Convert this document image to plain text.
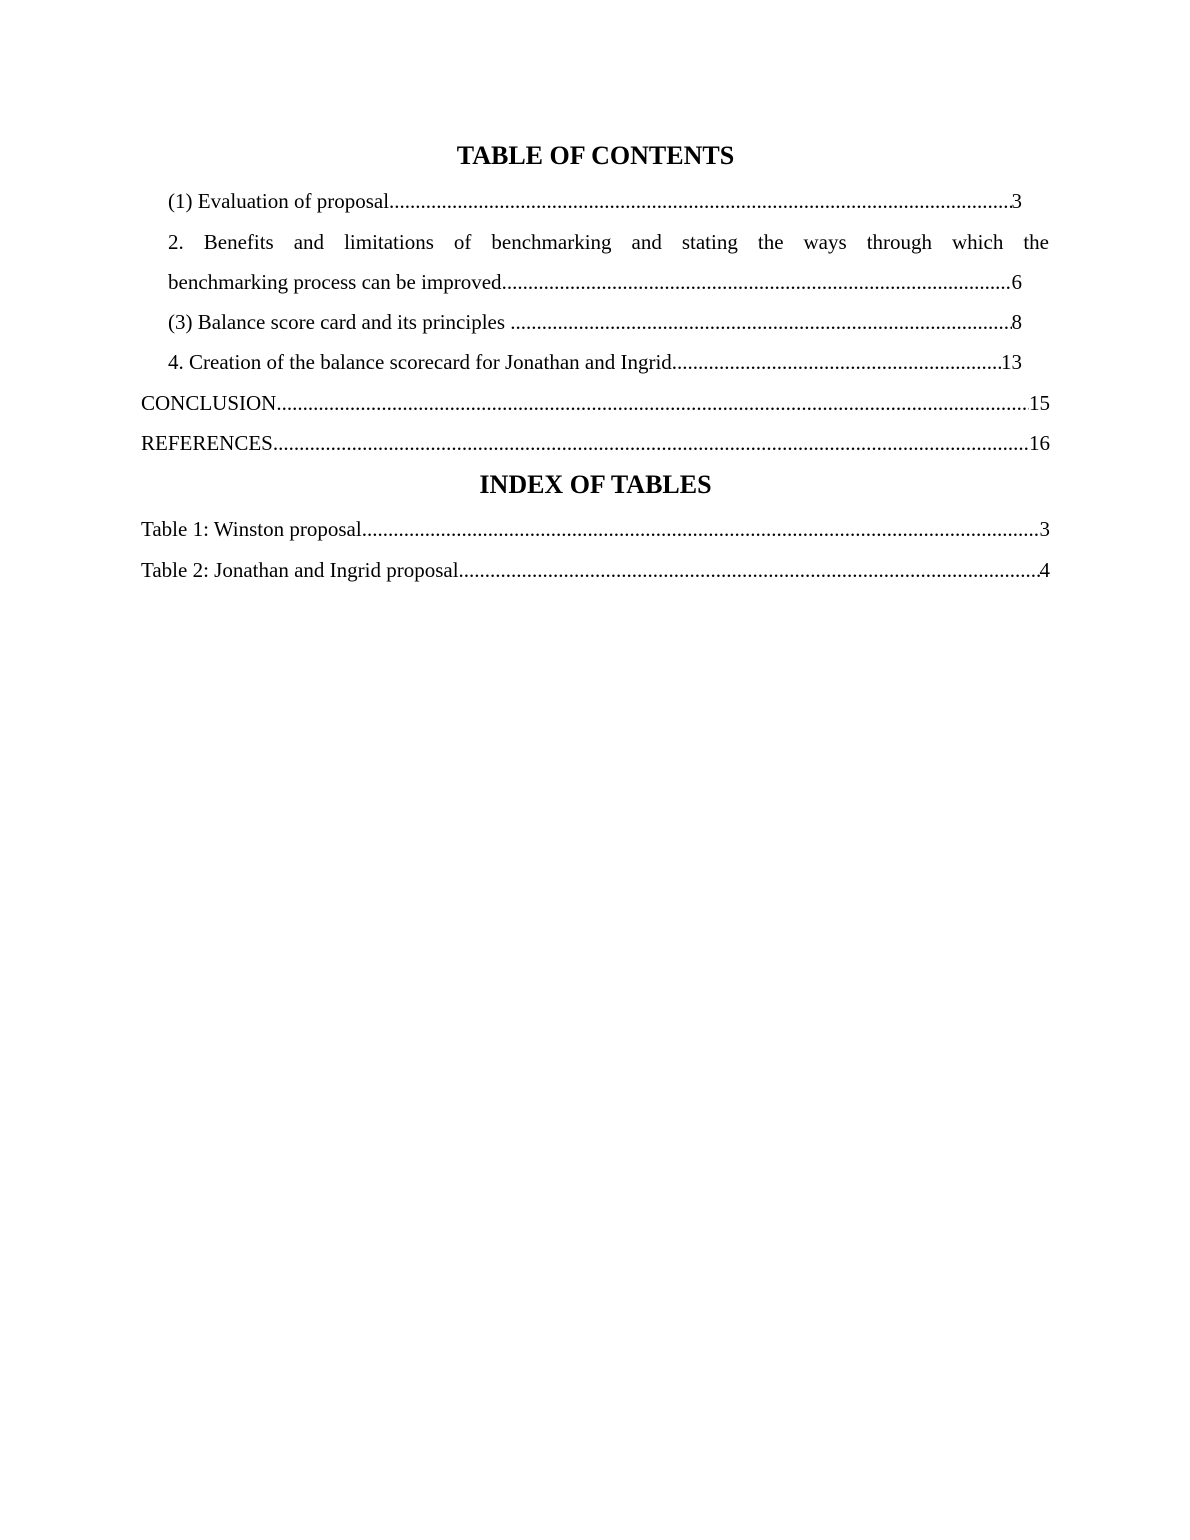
TABLE OF CONTENTS
(1) Evaluation of proposal .....	3
2. Benefits and limitations of benchmarking and stating the ways through which the
benchmarking process can be improved .....	6
(3) Balance score card and its principles .....	8
4. Creation of the balance scorecard for Jonathan and Ingrid .....	13
CONCLUSION .....	15
REFERENCES .....	16
INDEX OF TABLES
Table 1: Winston proposal .....	3
Table 2: Jonathan and Ingrid proposal .....	4
